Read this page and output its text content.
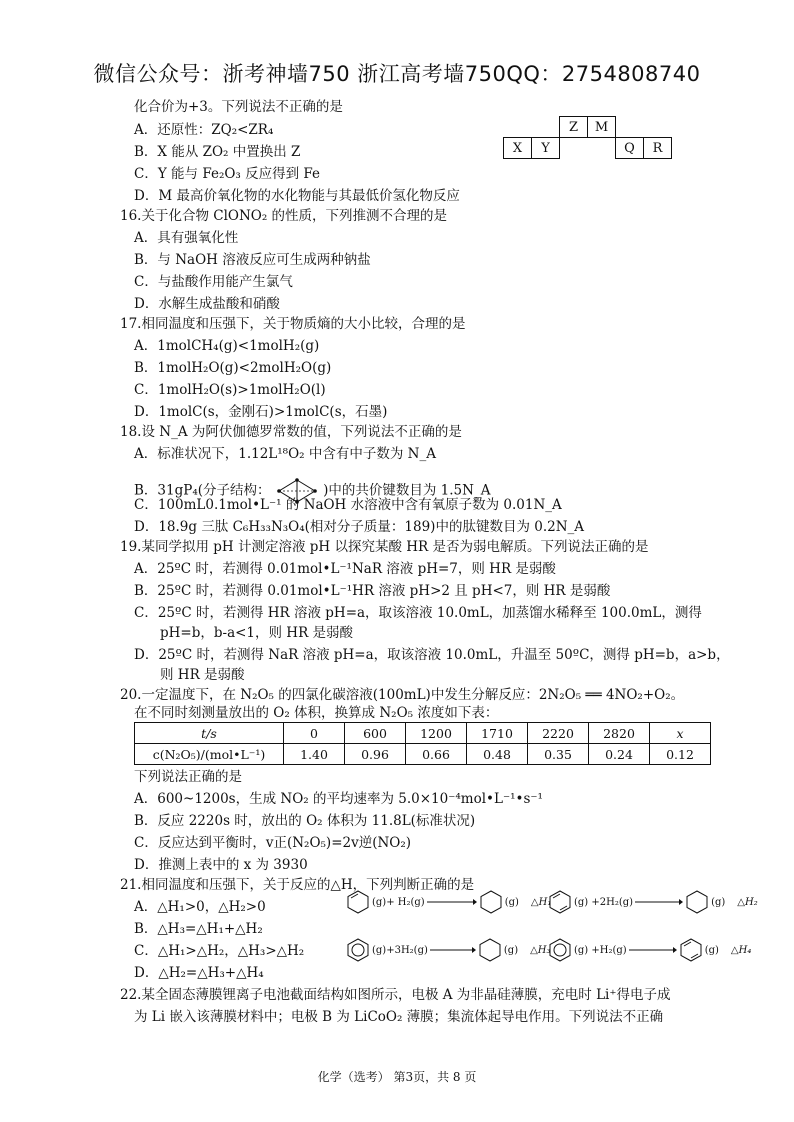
微信公众号：浙考神墙750 浙江高考墙750QQ：2754808740
化合价为+3。下列说法不正确的是
A．还原性：ZQ₂<ZR₄
B．X 能从 ZO₂ 中置换出 Z
C．Y 能与 Fe₂O₃ 反应得到 Fe
D．M 最高价氧化物的水化物能与其最低价氢化物反应
		Z	M		
X	Y			Q	R
16.关于化合物 ClONO₂ 的性质，下列推测不合理的是
A．具有强氧化性
B．与 NaOH 溶液反应可生成两种钠盐
C．与盐酸作用能产生氯气
D．水解生成盐酸和硝酸
17.相同温度和压强下，关于物质熵的大小比较，合理的是
A．1molCH₄(g)<1molH₂(g)
B．1molH₂O(g)<2molH₂O(g)
C．1molH₂O(s)>1molH₂O(l)
D．1molC(s，金刚石)>1molC(s，石墨)
18.设 N_A 为阿伏伽德罗常数的值，下列说法不正确的是
A．标准状况下，1.12L¹⁸O₂ 中含有中子数为 N_A
B．31gP₄(分子结构：	)中的共价键数目为 1.5N_A
C．100mL0.1mol•L⁻¹ 的 NaOH 水溶液中含有氧原子数为 0.01N_A
D．18.9g 三肽 C₆H₃₃N₃O₄(相对分子质量：189)中的肽键数目为 0.2N_A
19.某同学拟用 pH 计测定溶液 pH 以探究某酸 HR 是否为弱电解质。下列说法正确的是
A．25ºC 时，若测得 0.01mol•L⁻¹NaR 溶液 pH=7，则 HR 是弱酸
B．25ºC 时，若测得 0.01mol•L⁻¹HR 溶液 pH>2 且 pH<7，则 HR 是弱酸
C．25ºC 时，若测得 HR 溶液 pH=a，取该溶液 10.0mL，加蒸馏水稀释至 100.0mL，测得
pH=b，b-a<1，则 HR 是弱酸
D．25ºC 时，若测得 NaR 溶液 pH=a，取该溶液 10.0mL，升温至 50ºC，测得 pH=b，a>b，
则 HR 是弱酸
20.一定温度下，在 N₂O₅ 的四氯化碳溶液(100mL)中发生分解反应：2N₂O₅ ══ 4NO₂+O₂。
在不同时刻测量放出的 O₂ 体积，换算成 N₂O₅ 浓度如下表：
t/s	0	600	1200	1710	2220	2820	x
c(N₂O₅)/(mol•L⁻¹)	1.40	0.96	0.66	0.48	0.35	0.24	0.12
下列说法正确的是
A．600~1200s，生成 NO₂ 的平均速率为 5.0×10⁻⁴mol•L⁻¹•s⁻¹
B．反应 2220s 时，放出的 O₂ 体积为 11.8L(标准状况)
C．反应达到平衡时，v正(N₂O₅)=2v逆(NO₂)
D．推测上表中的 x 为 3930
21.相同温度和压强下，关于反应的△H，下列判断正确的是
A．△H₁>0，△H₂>0
B．△H₃=△H₁+△H₂
C．△H₁>△H₂，△H₃>△H₂
D．△H₂=△H₃+△H₄
(g)+ H₂(g)	(g) △H₁ (g) +2H₂(g)	(g) △H₂
(g)+3H₂(g)	(g) △H₃ (g) +H₂(g)	(g) △H₄
22.某全固态薄膜锂离子电池截面结构如图所示，电极 A 为非晶硅薄膜，充电时 Li⁺得电子成
为 Li 嵌入该薄膜材料中；电极 B 为 LiCoO₂ 薄膜；集流体起导电作用。下列说法不正确
化学（选考） 第3页，共 8 页
